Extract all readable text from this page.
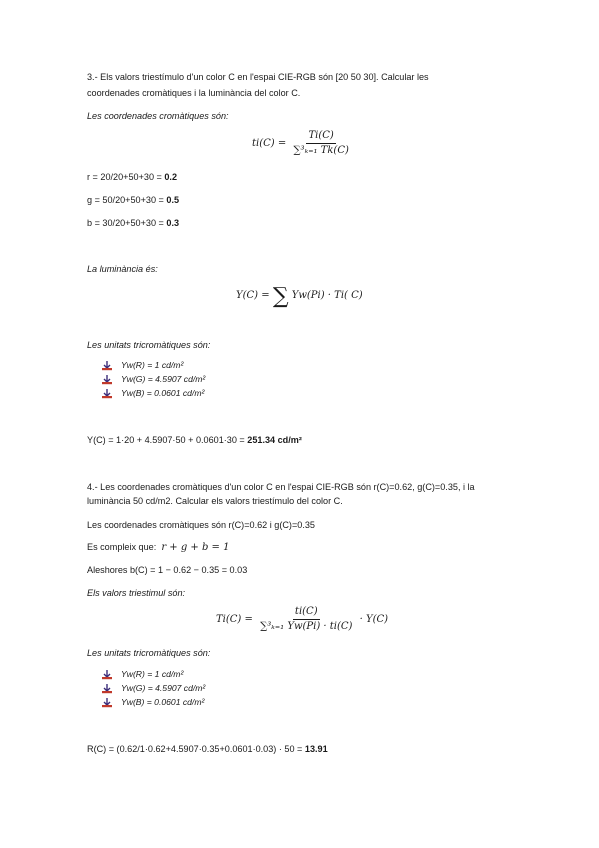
3.- Els valors triestímulo d'un color C en l'espai CIE-RGB són [20 50 30]. Calcular les
coordenades cromàtiques i la luminància del color C.
Les coordenades cromàtiques són:
$ti(C) = \frac{Ti(C)}{\text{∑³ₖ₌₁ Tk(C)}}$
r = 20/20+50+30 = 0.2
g = 50/20+50+30 = 0.5
b = 30/20+50+30 = 0.3
La luminància és:
Y(C) = ∑ Yw(Pi) · Ti( C)
Les unitats tricromàtiques són:
Yw(R) = 1 cd/m²
Yw(G) = 4.5907 cd/m²
Yw(B) = 0.0601 cd/m²
Y(C) = 1·20 + 4.5907·50 + 0.0601·30 = 251.34 cd/m²
4.- Les coordenades cromàtiques d'un color C en l'espai CIE-RGB són r(C)=0.62, g(C)=0.35, i la
luminància 50 cd/m2. Calcular els valors triestímulo del color C.
Les coordenades cromàtiques són r(C)=0.62 i g(C)=0.35
Es compleix que: r + g + b = 1
Aleshores b(C) = 1 − 0.62 − 0.35 = 0.03
Els valors triestimul són:
$Ti(C) = \frac{ti(C)}{\text{∑³ₖ₌₁ Yw(Pi) · ti(C)}} \cdot Y(C)$
Les unitats tricromàtiques són:
Yw(R) = 1 cd/m²
Yw(G) = 4.5907 cd/m²
Yw(B) = 0.0601 cd/m²
R(C) = (0.62/1·0.62+4.5907·0.35+0.0601·0.03) · 50 = 13.91
